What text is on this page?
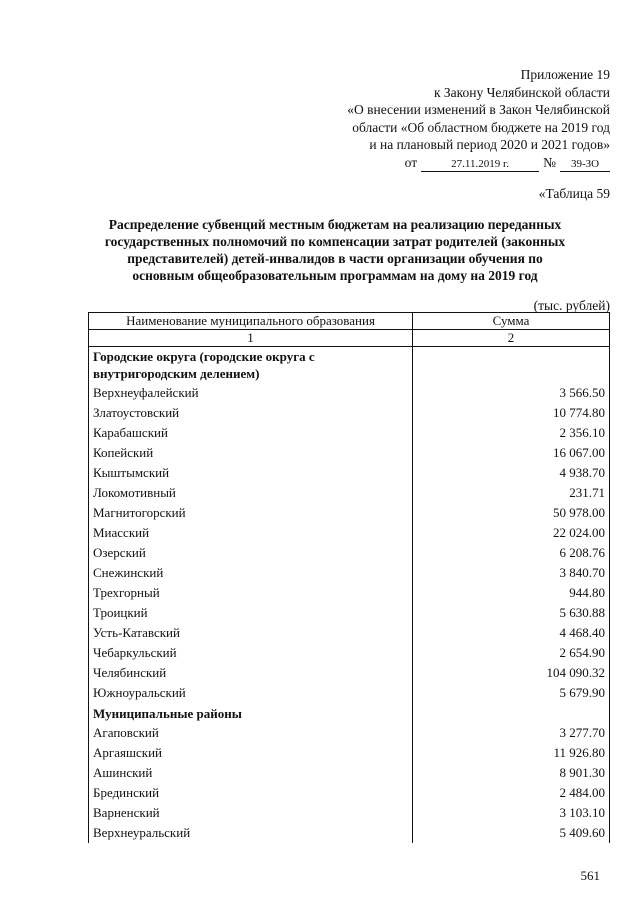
Приложение 19
к Закону Челябинской области
«О внесении изменений в Закон Челябинской
области «Об областном бюджете на 2019 год
и на плановый период 2020 и 2021 годов»
от	27.11.2019 г.	№	39-ЗО
«Таблица 59
Распределение субвенций местным бюджетам на реализацию переданных государственных полномочий по компенсации затрат родителей (законных представителей) детей-инвалидов в части организации обучения по основным общеобразовательным программам на дому на 2019 год
(тыс. рублей)
Наименование муниципального образования	Сумма
1	2
Городские округа (городские округа с внутригородским делением)	
Верхнеуфалейский	3 566.50
Златоустовский	10 774.80
Карабашский	2 356.10
Копейский	16 067.00
Кыштымский	4 938.70
Локомотивный	231.71
Магнитогорский	50 978.00
Миасский	22 024.00
Озерский	6 208.76
Снежинский	3 840.70
Трехгорный	944.80
Троицкий	5 630.88
Усть-Катавский	4 468.40
Чебаркульский	2 654.90
Челябинский	104 090.32
Южноуральский	5 679.90
Муниципальные районы	
Агаповский	3 277.70
Аргаяшский	11 926.80
Ашинский	8 901.30
Брединский	2 484.00
Варненский	3 103.10
Верхнеуральский	5 409.60
561
